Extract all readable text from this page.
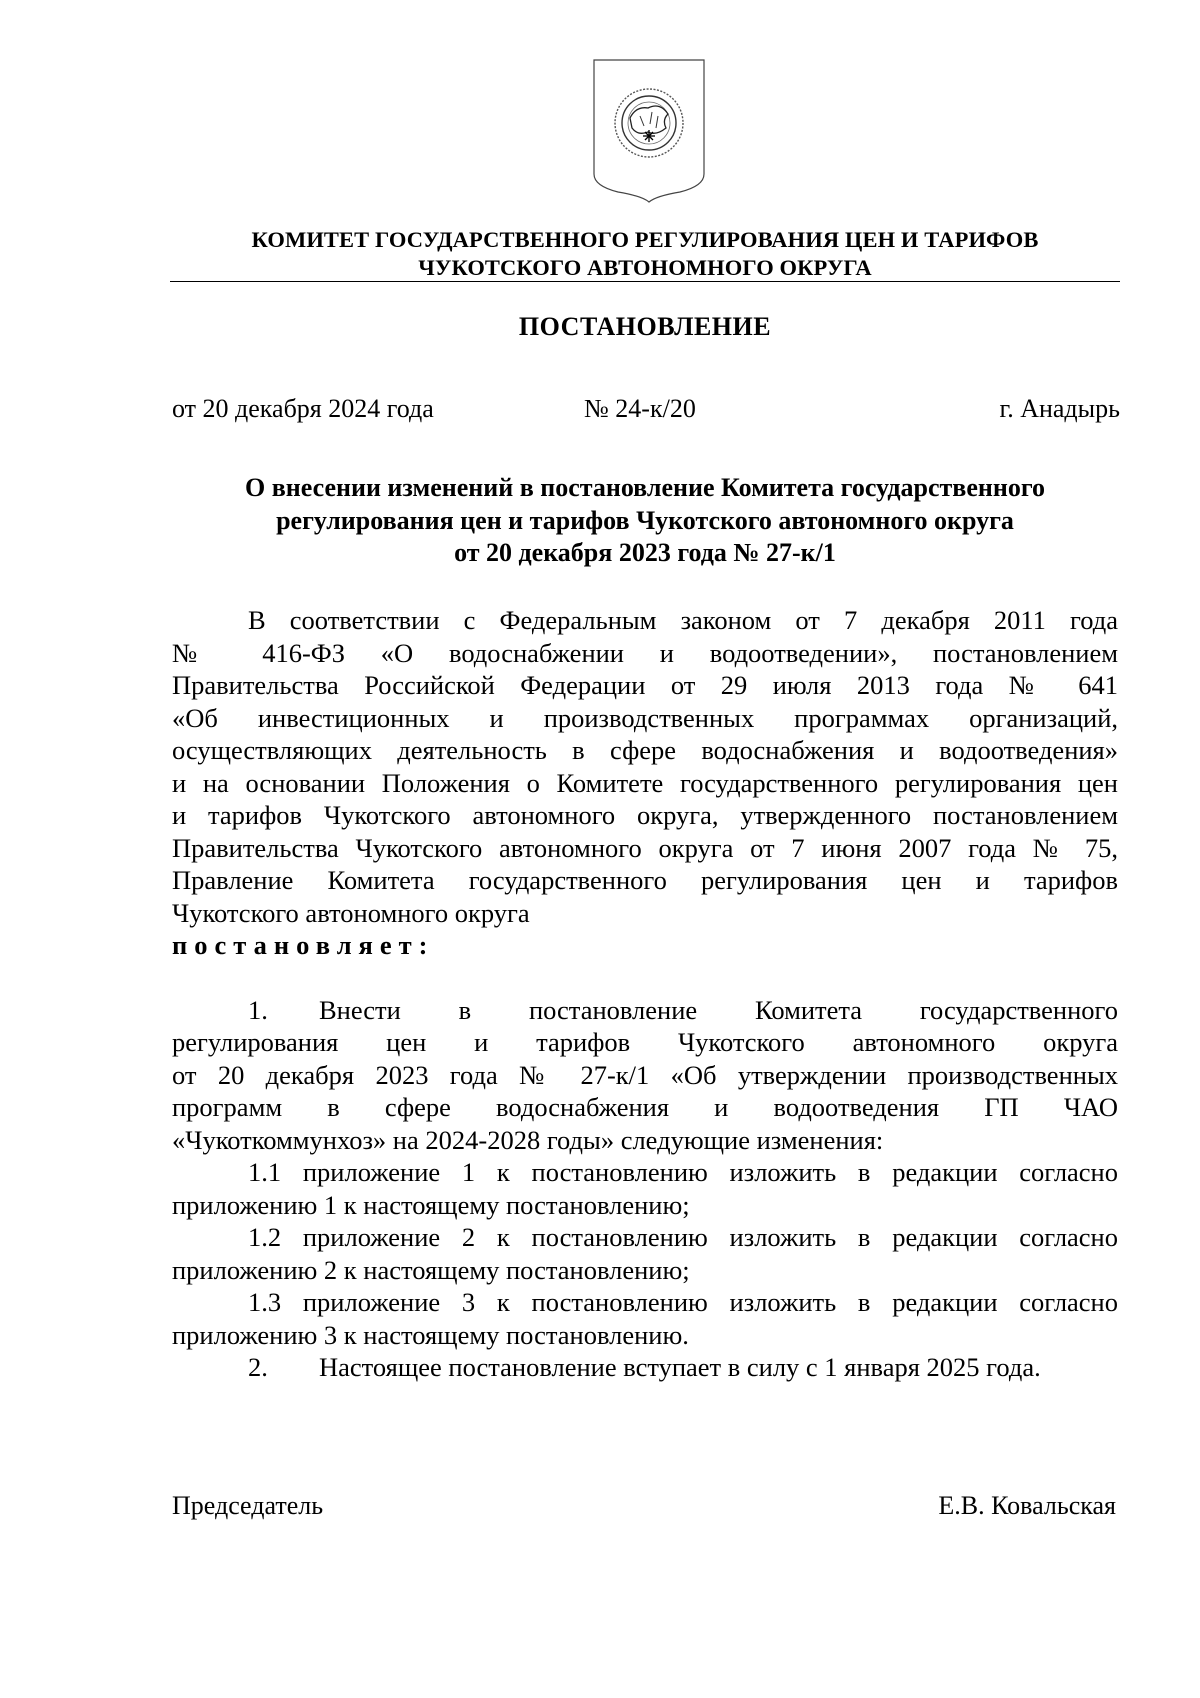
КОМИТЕТ ГОСУДАРСТВЕННОГО РЕГУЛИРОВАНИЯ ЦЕН И ТАРИФОВ
ЧУКОТСКОГО АВТОНОМНОГО ОКРУГА
ПОСТАНОВЛЕНИЕ
от 20 декабря 2024 года	№ 24-к/20	г. Анадырь
О внесении изменений в постановление Комитета государственного
регулирования цен и тарифов Чукотского автономного округа
от 20 декабря 2023 года № 27-к/1
В соответствии с Федеральным законом от 7 декабря 2011 года
№ 416-ФЗ «О водоснабжении и водоотведении», постановлением
Правительства Российской Федерации от 29 июля 2013 года № 641
«Об инвестиционных и производственных программах организаций,
осуществляющих деятельность в сфере водоснабжения и водоотведения»
и на основании Положения о Комитете государственного регулирования цен
и тарифов Чукотского автономного округа, утвержденного постановлением
Правительства Чукотского автономного округа от 7 июня 2007 года № 75,
Правление Комитета государственного регулирования цен и тарифов
Чукотского автономного округа
постановляет:
1.	Внести в постановление Комитета государственного
регулирования цен и тарифов Чукотского автономного округа
от 20 декабря 2023 года № 27-к/1 «Об утверждении производственных
программ в сфере водоснабжения и водоотведения ГП ЧАО
«Чукоткоммунхоз» на 2024-2028 годы» следующие изменения:
1.1 приложение 1 к постановлению изложить в редакции согласно
приложению 1 к настоящему постановлению;
1.2 приложение 2 к постановлению изложить в редакции согласно
приложению 2 к настоящему постановлению;
1.3 приложение 3 к постановлению изложить в редакции согласно
приложению 3 к настоящему постановлению.
2.	Настоящее постановление вступает в силу с 1 января 2025 года.
Председатель	Е.В. Ковальская
